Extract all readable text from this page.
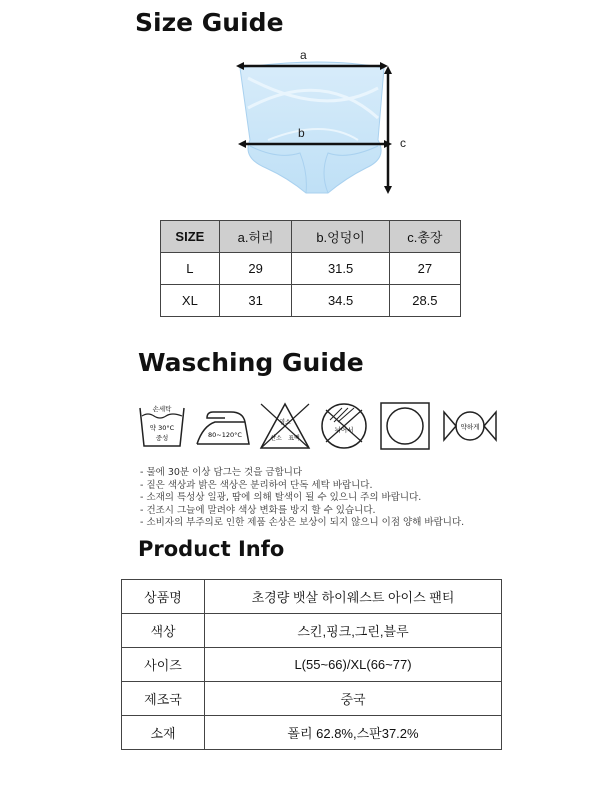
Size Guide
a
b
c
SIZE	a.허리	b.엉덩이	c.총장
L	29	31.5	27
XL	31	34.5	28.5
Wasching Guide
손세탁
약 30°C
중성	80~120°C
염소
산소 표백
뉘어서	약하게
- 물에 30분 이상 담그는 것을 금합니다
- 짙은 색상과 밝은 색상은 분리하여 단독 세탁 바랍니다.
- 소재의 특성상 일광, 땀에 의해 탈색이 될 수 있으니 주의 바랍니다.
- 건조시 그늘에 말려야 색상 변화를 방지 할 수 있습니다.
- 소비자의 부주의로 인한 제품 손상은 보상이 되지 않으니 이점 양해 바랍니다.
Product Info
상품명	초경량 뱃살 하이웨스트 아이스 팬티
색상	스킨,핑크,그린,블루
사이즈	L(55~66)/XL(66~77)
제조국	중국
소재	폴리 62.8%,스판37.2%
